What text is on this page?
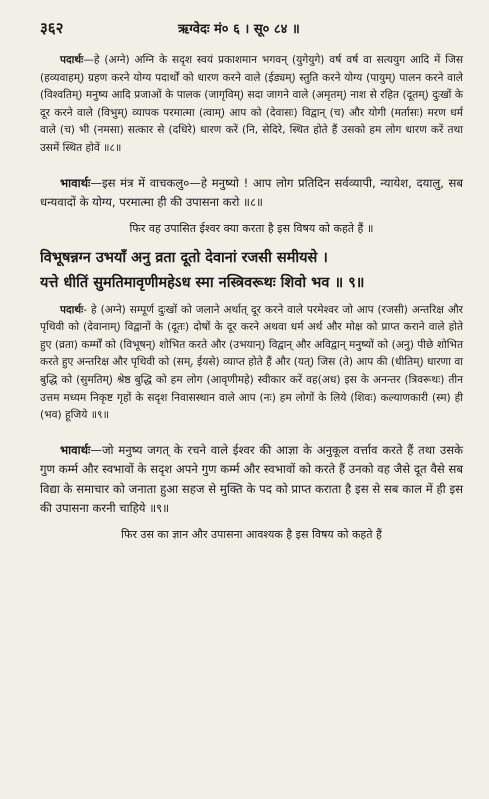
३६२	ऋग्वेदः मं० ६ । सू० ८४ ॥

पदार्थः—हे (अग्ने) अग्नि के सदृश स्वयं प्रकाशमान भगवन् (युगेयुगे) वर्ष वर्ष वा सत्ययुग आदि में जिस (हव्यवाहम्) ग्रहण करने योग्य पदार्थों को धारण करने वाले (ईड्यम्) स्तुति करने योग्य (पायुम्) पालन करने वाले (विश्वतिम्) मनुष्य आदि प्रजाओं के पालक (जागृविम्) सदा जागने वाले (अमृतम्) नाश से रहित (दूतम्) दुःखों के दूर करने वाले (विभुम्) व्यापक परमात्मा (त्वाम्) आप को (देवासः) विद्वान् (च) और योगी (मर्तासः) मरण धर्म वाले (च) भी (नमसा) सत्कार से (दधिरे) धारण करें (नि, सेदिरे, स्थित होते हैं उसको हम लोग धारण करें तथा उसमें स्थित होवें ॥८॥

भावार्थः—इस मंत्र में वाचकलु०—हे मनुष्यो ! आप लोग प्रतिदिन सर्वव्यापी, न्यायेश, दयालु, सब धन्यवादों के योग्य, परमात्मा ही की उपासना करो ॥८॥

फिर वह उपासित ईश्वर क्या करता है इस विषय को कहते हैं ॥
विभूषन्नग्न उभयाँ अनु व्रता दूतो देवानां रजसी समीयसे ।
यत्ते धीतिं सुमतिमावृणीमहेऽध स्मा नस्त्रिवरूथः शिवो भव ॥ ९॥

पदार्थः- हे (अग्ने) सम्पूर्ण दुःखों को जलाने अर्थात् दूर करने वाले परमेश्वर जो आप (रजसी) अन्तरिक्ष और पृथिवी को (देवानाम्) विद्वानों के (दूतः) दोषों के दूर करने अथवा धर्म अर्थ और मोक्ष को प्राप्त कराने वाले होते हुए (व्रता) कर्म्मों को (विभूषन्) शोभित करते और (उभयान्) विद्वान् और अविद्वान् मनुष्यों को (अनु) पीछे शोभित करते हुए अन्तरिक्ष और पृथिवी को (सम्, ईयसे) व्याप्त होते हैं और (यत्) जिस (ते) आप की (धीतिम्) धारणा वा बुद्धि को (सुमतिम्) श्रेष्ठ बुद्धि को हम लोग (आवृणीमहे) स्वीकार करें वह(अध) इस के अनन्तर (त्रिवरूथः) तीन उत्तम मध्यम निकृष्ट गृहों के सदृश निवासस्थान वाले आप (नः) हम लोगों के लिये (शिवः) कल्याणकारी (स्म) ही (भव) हूजिये ॥९॥

भावार्थः—जो मनुष्य जगत् के रचने वाले ईश्वर की आज्ञा के अनुकूल वर्त्ताव करते हैं तथा उसके गुण कर्म्म और स्वभावों के सदृश अपने गुण कर्म्म और स्वभावों को करते हैं उनको वह जैसे दूत वैसे सब विद्या के समाचार को जनाता हुआ सहज से मुक्ति के पद को प्राप्त कराता है इस से सब काल में ही इस की उपासना करनी चाहिये ॥९॥

फिर उस का ज्ञान और उपासना आवश्यक है इस विषय को कहते हैं
